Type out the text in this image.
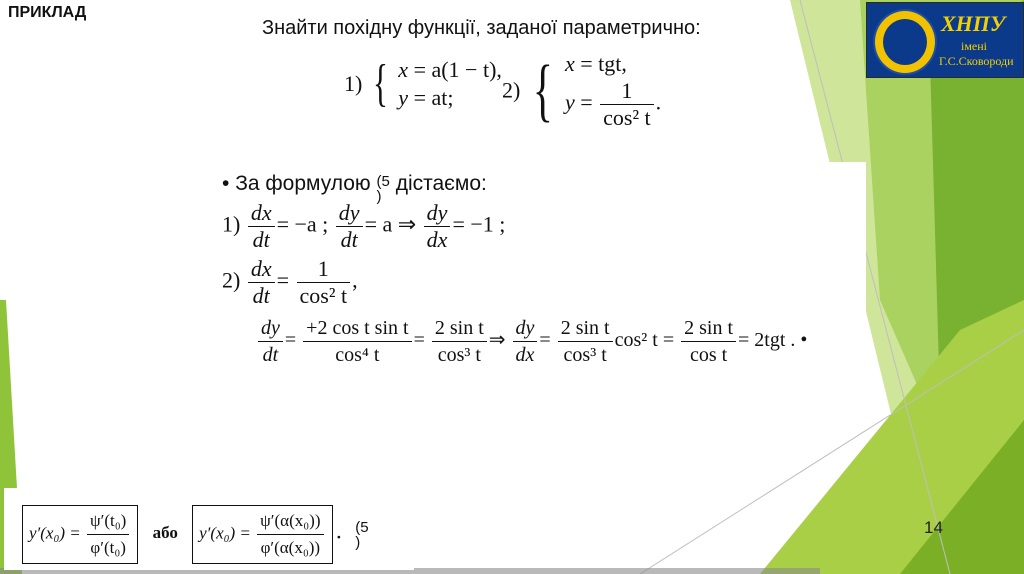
ПРИКЛАД	ХНПУ
імені
Г.С.Сковороди
Знайти похідну функції, заданої параметрично:
1) { x = a(1 − t),
y = at;	2) { x = tgt,
$y = \frac{1}{\text{cos² t}}$ .
• За формулою (5
) дістаємо:
$1) \frac{dx}{dt} = -a$ ; $\frac{dy}{dt} = a$ ⇒ $\frac{dy}{dx} = -1$ ;
$2) \frac{dx}{dt} = \frac{1}{\text{cos² t}}$ ,
$\frac{dy}{dt} = \frac{\text{+2 cos t sin t}}{\text{cos⁴ t}} = \frac{\text{2 sin t}}{\text{cos³ t}}$ ⇒ $\frac{dy}{dx} = \frac{\text{2 sin t}}{\text{cos³ t}} \cos^2$ $t = \frac{\text{2 sin t}}{\text{cos t}} = 2tgt$ . •
$y'(x_0) = \frac{\text{ψ′(t₀)}}{\text{φ′(t₀)}}$ або $y'(x_0) = \frac{\text{ψ′(α(x₀))}}{\text{φ′(α(x₀))}}$ . (5
)
14
